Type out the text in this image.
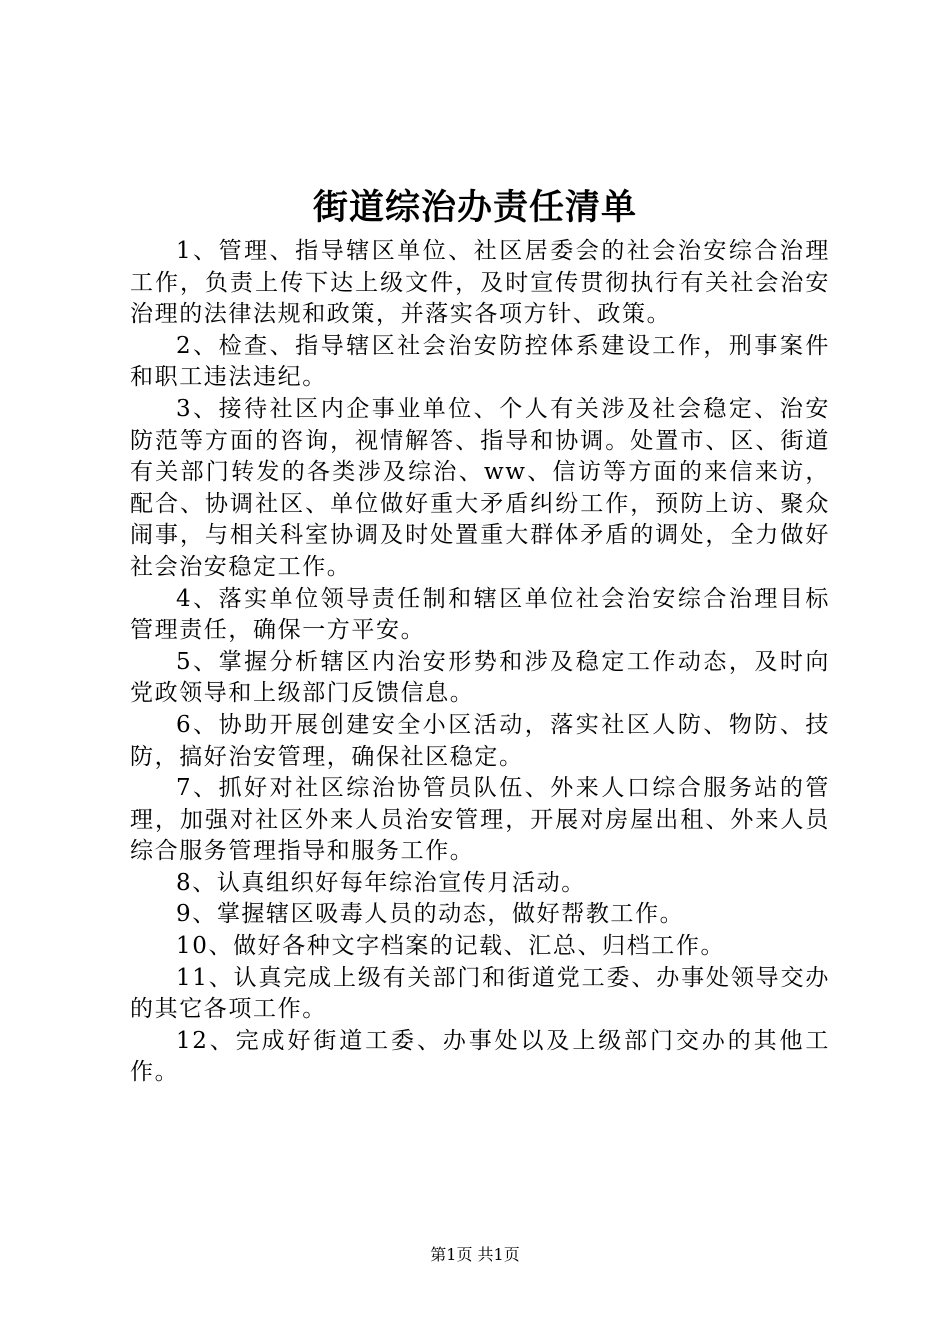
街道综治办责任清单

1、管理、指导辖区单位、社区居委会的社会治安综合治理工作，负责上传下达上级文件，及时宣传贯彻执行有关社会治安治理的法律法规和政策，并落实各项方针、政策。

2、检查、指导辖区社会治安防控体系建设工作，刑事案件和职工违法违纪。

3、接待社区内企事业单位、个人有关涉及社会稳定、治安防范等方面的咨询，视情解答、指导和协调。处置市、区、街道有关部门转发的各类涉及综治、ww、信访等方面的来信来访，配合、协调社区、单位做好重大矛盾纠纷工作，预防上访、聚众闹事，与相关科室协调及时处置重大群体矛盾的调处，全力做好社会治安稳定工作。

4、落实单位领导责任制和辖区单位社会治安综合治理目标管理责任，确保一方平安。

5、掌握分析辖区内治安形势和涉及稳定工作动态，及时向党政领导和上级部门反馈信息。

6、协助开展创建安全小区活动，落实社区人防、物防、技防，搞好治安管理，确保社区稳定。

7、抓好对社区综治协管员队伍、外来人口综合服务站的管理，加强对社区外来人员治安管理，开展对房屋出租、外来人员综合服务管理指导和服务工作。

8、认真组织好每年综治宣传月活动。

9、掌握辖区吸毒人员的动态，做好帮教工作。

10、做好各种文字档案的记载、汇总、归档工作。

11、认真完成上级有关部门和街道党工委、办事处领导交办的其它各项工作。

12、完成好街道工委、办事处以及上级部门交办的其他工作。

第1页 共1页
